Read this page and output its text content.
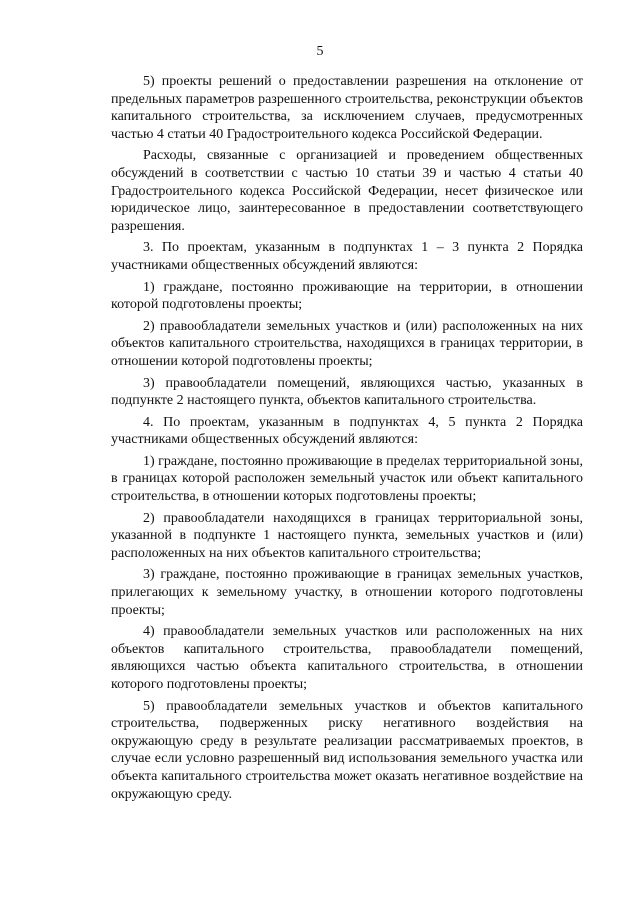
5

5) проекты решений о предоставлении разрешения на отклонение от предельных параметров разрешенного строительства, реконструкции объектов капитального строительства, за исключением случаев, предусмотренных частью 4 статьи 40 Градостроительного кодекса Российской Федерации.

Расходы, связанные с организацией и проведением общественных обсуждений в соответствии с частью 10 статьи 39 и частью 4 статьи 40 Градостроительного кодекса Российской Федерации, несет физическое или юридическое лицо, заинтересованное в предоставлении соответствующего разрешения.

3. По проектам, указанным в подпунктах 1 – 3 пункта 2 Порядка участниками общественных обсуждений являются:

1) граждане, постоянно проживающие на территории, в отношении которой подготовлены проекты;

2) правообладатели земельных участков и (или) расположенных на них объектов капитального строительства, находящихся в границах территории, в отношении которой подготовлены проекты;

3) правообладатели помещений, являющихся частью, указанных в подпункте 2 настоящего пункта, объектов капитального строительства.

4. По проектам, указанным в подпунктах 4, 5 пункта 2 Порядка участниками общественных обсуждений являются:

1) граждане, постоянно проживающие в пределах территориальной зоны, в границах которой расположен земельный участок или объект капитального строительства, в отношении которых подготовлены проекты;

2) правообладатели находящихся в границах территориальной зоны, указанной в подпункте 1 настоящего пункта, земельных участков и (или) расположенных на них объектов капитального строительства;

3) граждане, постоянно проживающие в границах земельных участков, прилегающих к земельному участку, в отношении которого подготовлены проекты;

4) правообладатели земельных участков или расположенных на них объектов капитального строительства, правообладатели помещений, являющихся частью объекта капитального строительства, в отношении которого подготовлены проекты;

5) правообладатели земельных участков и объектов капитального строительства, подверженных риску негативного воздействия на окружающую среду в результате реализации рассматриваемых проектов, в случае если условно разрешенный вид использования земельного участка или объекта капитального строительства может оказать негативное воздействие на окружающую среду.
